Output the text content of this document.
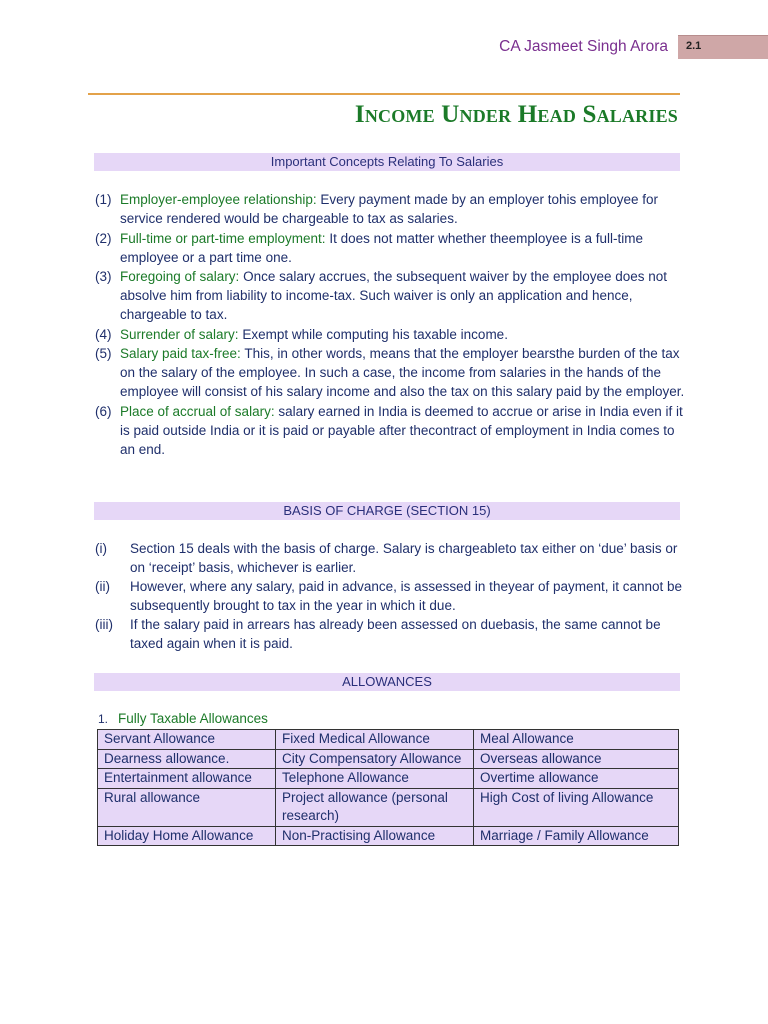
CA Jasmeet Singh Arora 2.1
Income Under Head Salaries
Important Concepts Relating To Salaries
(1) Employer-employee relationship: Every payment made by an employer tohis employee for service rendered would be chargeable to tax as salaries.
(2) Full-time or part-time employment: It does not matter whether theemployee is a full-time employee or a part time one.
(3) Foregoing of salary: Once salary accrues, the subsequent waiver by the employee does not absolve him from liability to income-tax. Such waiver is only an application and hence, chargeable to tax.
(4) Surrender of salary: Exempt while computing his taxable income.
(5) Salary paid tax-free: This, in other words, means that the employer bearsthe burden of the tax on the salary of the employee. In such a case, the income from salaries in the hands of the employee will consist of his salary income and also the tax on this salary paid by the employer.
(6) Place of accrual of salary: salary earned in India is deemed to accrue or arise in India even if it is paid outside India or it is paid or payable after thecontract of employment in India comes to an end.
BASIS OF CHARGE (SECTION 15)
(i) Section 15 deals with the basis of charge. Salary is chargeableto tax either on ‘due’ basis or on ‘receipt’ basis, whichever is earlier.
(ii) However, where any salary, paid in advance, is assessed in theyear of payment, it cannot be subsequently brought to tax in the year in which it due.
(iii) If the salary paid in arrears has already been assessed on duebasis, the same cannot be taxed again when it is paid.
ALLOWANCES
1. Fully Taxable Allowances
Servant Allowance	Fixed Medical Allowance	Meal Allowance
Dearness allowance.	City Compensatory Allowance	Overseas allowance
Entertainment allowance	Telephone Allowance	Overtime allowance
Rural allowance	Project allowance (personal research)	High Cost of living Allowance
Holiday Home Allowance	Non-Practising Allowance	Marriage / Family Allowance
